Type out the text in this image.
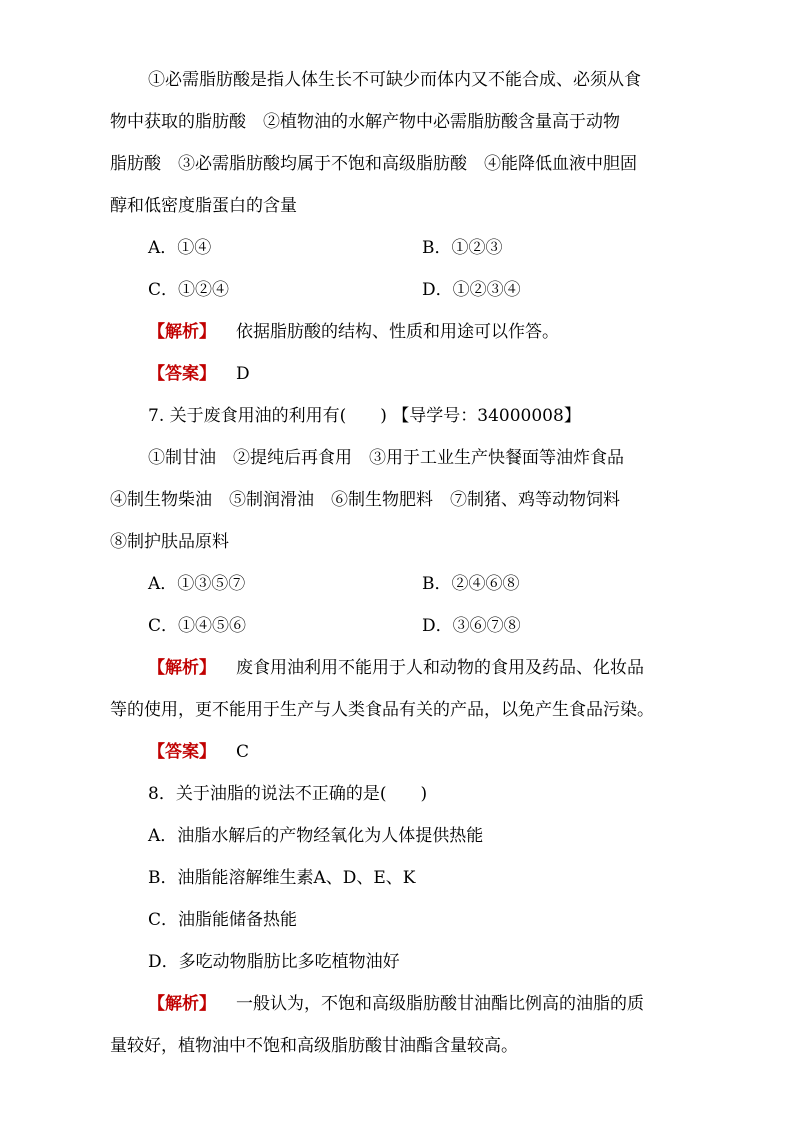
①必需脂肪酸是指人体生长不可缺少而体内又不能合成、必须从食
物中获取的脂肪酸　②植物油的水解产物中必需脂肪酸含量高于动物
脂肪酸　③必需脂肪酸均属于不饱和高级脂肪酸　④能降低血液中胆固
醇和低密度脂蛋白的含量
A．①④	B．①②③
C．①②④	D．①②③④
【解析】 依据脂肪酸的结构、性质和用途可以作答。
【答案】 D
7. 关于废食用油的利用有(　　) 【导学号：34000008】
①制甘油　②提纯后再食用　③用于工业生产快餐面等油炸食品
④制生物柴油　⑤制润滑油　⑥制生物肥料　⑦制猪、鸡等动物饲料
⑧制护肤品原料
A．①③⑤⑦	B．②④⑥⑧
C．①④⑤⑥	D．③⑥⑦⑧
【解析】 废食用油利用不能用于人和动物的食用及药品、化妆品
等的使用，更不能用于生产与人类食品有关的产品，以免产生食品污染。
【答案】 C
8．关于油脂的说法不正确的是(　　)
A．油脂水解后的产物经氧化为人体提供热能
B．油脂能溶解维生素A、D、E、K
C．油脂能储备热能
D．多吃动物脂肪比多吃植物油好
【解析】 一般认为，不饱和高级脂肪酸甘油酯比例高的油脂的质
量较好，植物油中不饱和高级脂肪酸甘油酯含量较高。
